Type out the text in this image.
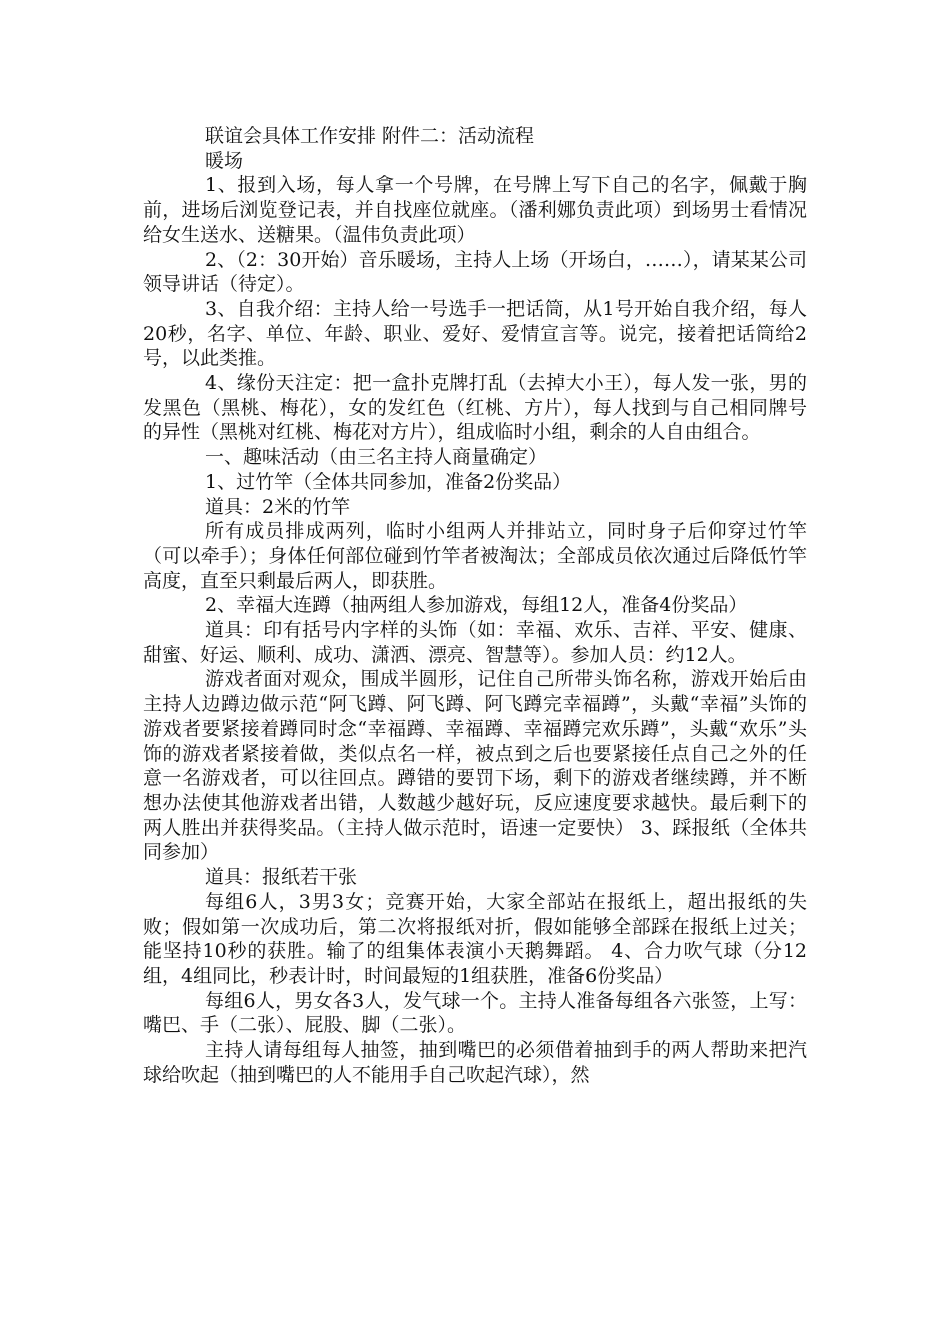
联谊会具体工作安排 附件二：活动流程

暖场

1、报到入场，每人拿一个号牌，在号牌上写下自己的名字，佩戴于胸前，进场后浏览登记表，并自找座位就座。（潘利娜负责此项）到场男士看情况给女生送水、送糖果。（温伟负责此项）

2、（2：30开始）音乐暖场，主持人上场（开场白，……），请某某公司领导讲话（待定）。

3、自我介绍：主持人给一号选手一把话筒，从1号开始自我介绍，每人20秒，名字、单位、年龄、职业、爱好、爱情宣言等。说完，接着把话筒给2号，以此类推。

4、缘份天注定：把一盒扑克牌打乱（去掉大小王），每人发一张，男的发黑色（黑桃、梅花），女的发红色（红桃、方片），每人找到与自己相同牌号的异性（黑桃对红桃、梅花对方片），组成临时小组，剩余的人自由组合。

一、趣味活动（由三名主持人商量确定）

1、过竹竿（全体共同参加，准备2份奖品）

道具：2米的竹竿

所有成员排成两列，临时小组两人并排站立，同时身子后仰穿过竹竿（可以牵手）；身体任何部位碰到竹竿者被淘汰；全部成员依次通过后降低竹竿高度，直至只剩最后两人，即获胜。

2、幸福大连蹲（抽两组人参加游戏，每组12人，准备4份奖品）

道具：印有括号内字样的头饰（如：幸福、欢乐、吉祥、平安、健康、甜蜜、好运、顺利、成功、潇洒、漂亮、智慧等）。参加人员：约12人。

游戏者面对观众，围成半圆形，记住自己所带头饰名称，游戏开始后由主持人边蹲边做示范“阿飞蹲、阿飞蹲、阿飞蹲完幸福蹲”，头戴“幸福”头饰的游戏者要紧接着蹲同时念“幸福蹲、幸福蹲、幸福蹲完欢乐蹲”，头戴“欢乐”头饰的游戏者紧接着做，类似点名一样，被点到之后也要紧接任点自己之外的任意一名游戏者，可以往回点。蹲错的要罚下场，剩下的游戏者继续蹲，并不断想办法使其他游戏者出错，人数越少越好玩，反应速度要求越快。最后剩下的两人胜出并获得奖品。（主持人做示范时，语速一定要快） 3、踩报纸（全体共同参加）

道具：报纸若干张

每组6人，3男3女；竞赛开始，大家全部站在报纸上，超出报纸的失败；假如第一次成功后，第二次将报纸对折，假如能够全部踩在报纸上过关；能坚持10秒的获胜。输了的组集体表演小天鹅舞蹈。 4、合力吹气球（分12组，4组同比，秒表计时，时间最短的1组获胜，准备6份奖品）

每组6人，男女各3人，发气球一个。主持人准备每组各六张签，上写：嘴巴、手（二张）、屁股、脚（二张）。

主持人请每组每人抽签，抽到嘴巴的必须借着抽到手的两人帮助来把汽球给吹起（抽到嘴巴的人不能用手自己吹起汽球），然
